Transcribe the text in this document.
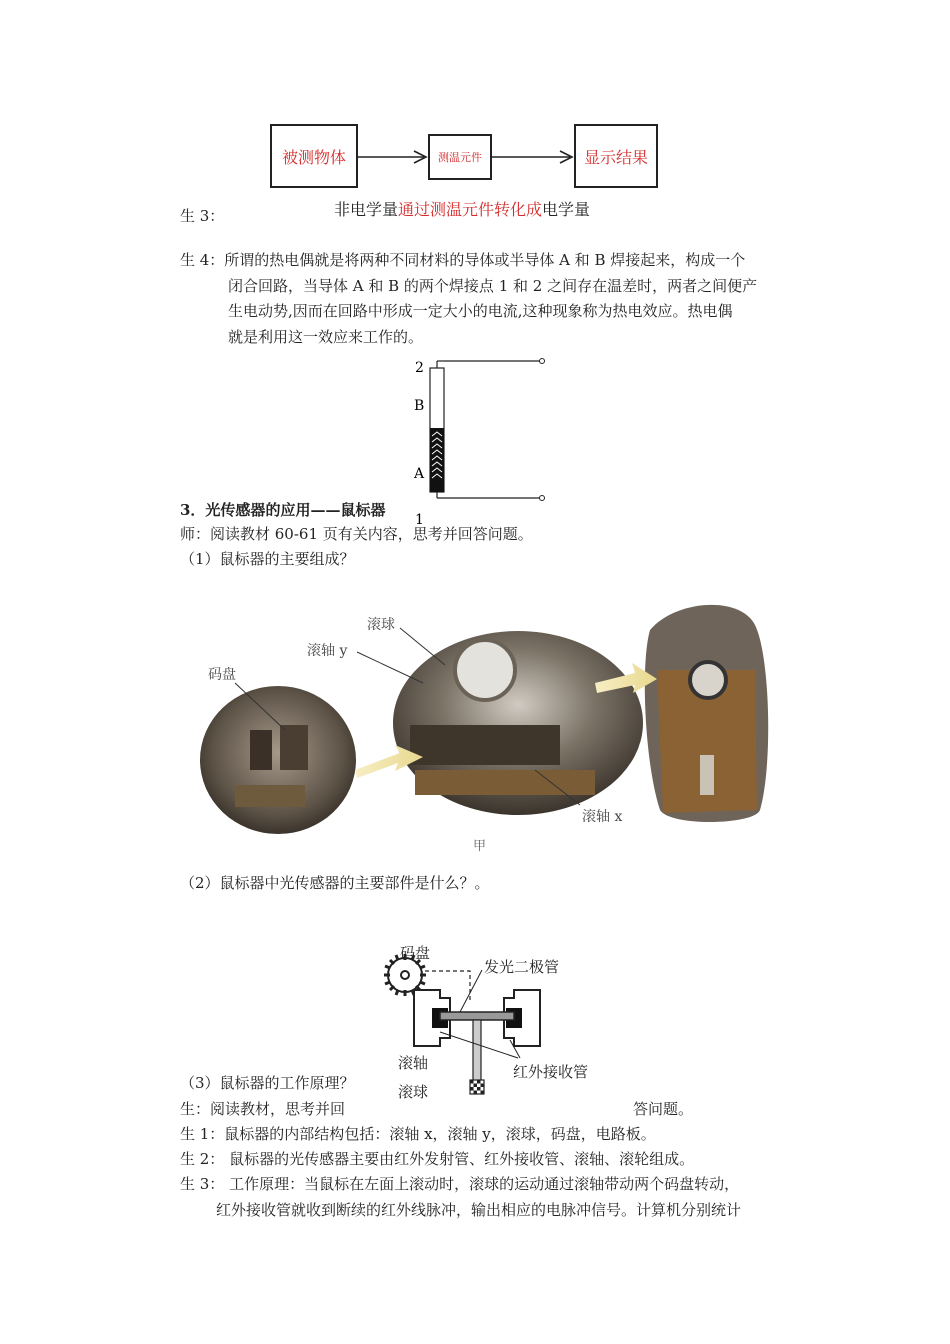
被测物体	测温元件	显示结果
非电学量通过测温元件转化成电学量
生 3：
生 4：所谓的热电偶就是将两种不同材料的导体或半导体 A 和 B 焊接起来，构成一个
闭合回路，当导体 A 和 B 的两个焊接点 1 和 2 之间存在温差时，两者之间便产
生电动势,因而在回路中形成一定大小的电流,这种现象称为热电效应。热电偶
就是利用这一效应来工作的。
2
B
A
1
3．光传感器的应用——鼠标器
师：阅读教材 60-61 页有关内容，思考并回答问题。
（1）鼠标器的主要组成？
滚球
滚轴 y
码盘
滚轴 x
甲
（2）鼠标器中光传感器的主要部件是什么？。
码盘
发光二极管
滚轴	红外接收管
滚球
（3）鼠标器的工作原理？
生：阅读教材，思考并回	答问题。
生 1：鼠标器的内部结构包括：滚轴 x，滚轴 y，滚球，码盘，电路板。
生 2： 鼠标器的光传感器主要由红外发射管、红外接收管、滚轴、滚轮组成。
生 3： 工作原理：当鼠标在左面上滚动时，滚球的运动通过滚轴带动两个码盘转动，
红外接收管就收到断续的红外线脉冲，输出相应的电脉冲信号。计算机分别统计
